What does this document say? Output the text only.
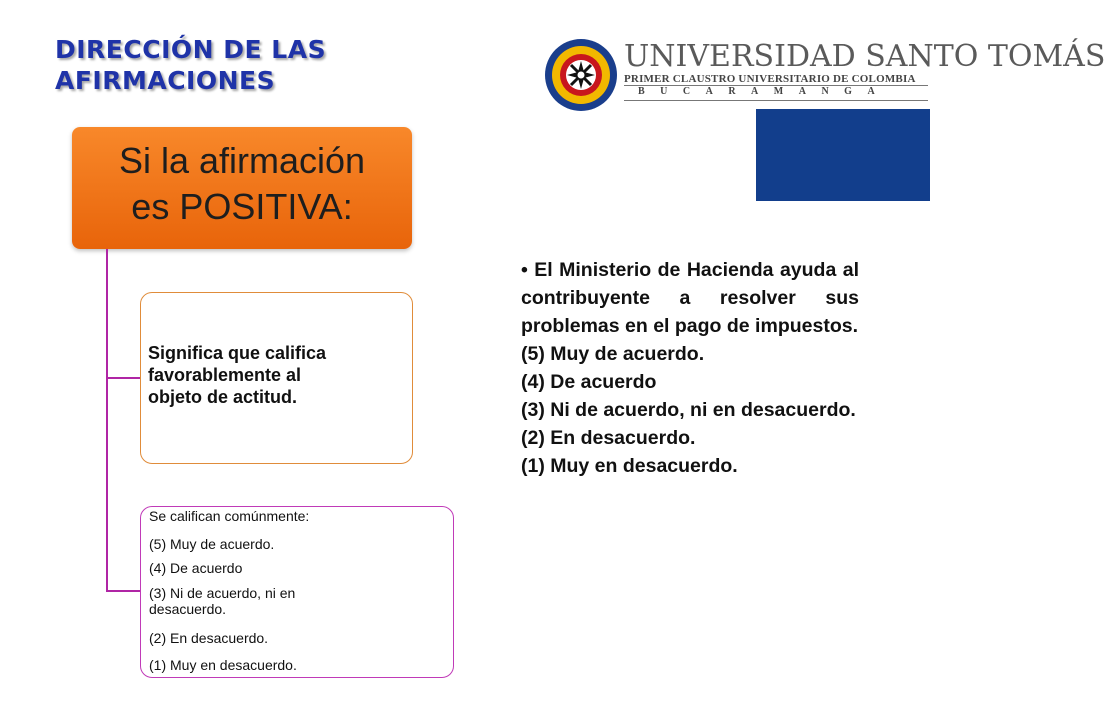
DIRECCIÓN DE LAS
AFIRMACIONES
UNIVERSIDAD SANTO TOMÁS
PRIMER CLAUSTRO UNIVERSITARIO DE COLOMBIA
BUCARAMANGA
Si la afirmación
es POSITIVA:
Significa que califica
favorablemente al
objeto de actitud.
Se califican comúnmente:
(5) Muy de acuerdo.
(4) De acuerdo
(3) Ni de acuerdo, ni en
desacuerdo.
(2) En desacuerdo.
(1) Muy en desacuerdo.
• El Ministerio de Hacienda ayuda al contribuyente a resolver sus problemas en el pago de impuestos.
(5) Muy de acuerdo.
(4) De acuerdo
(3) Ni de acuerdo, ni en desacuerdo.
(2) En desacuerdo.
(1) Muy en desacuerdo.
